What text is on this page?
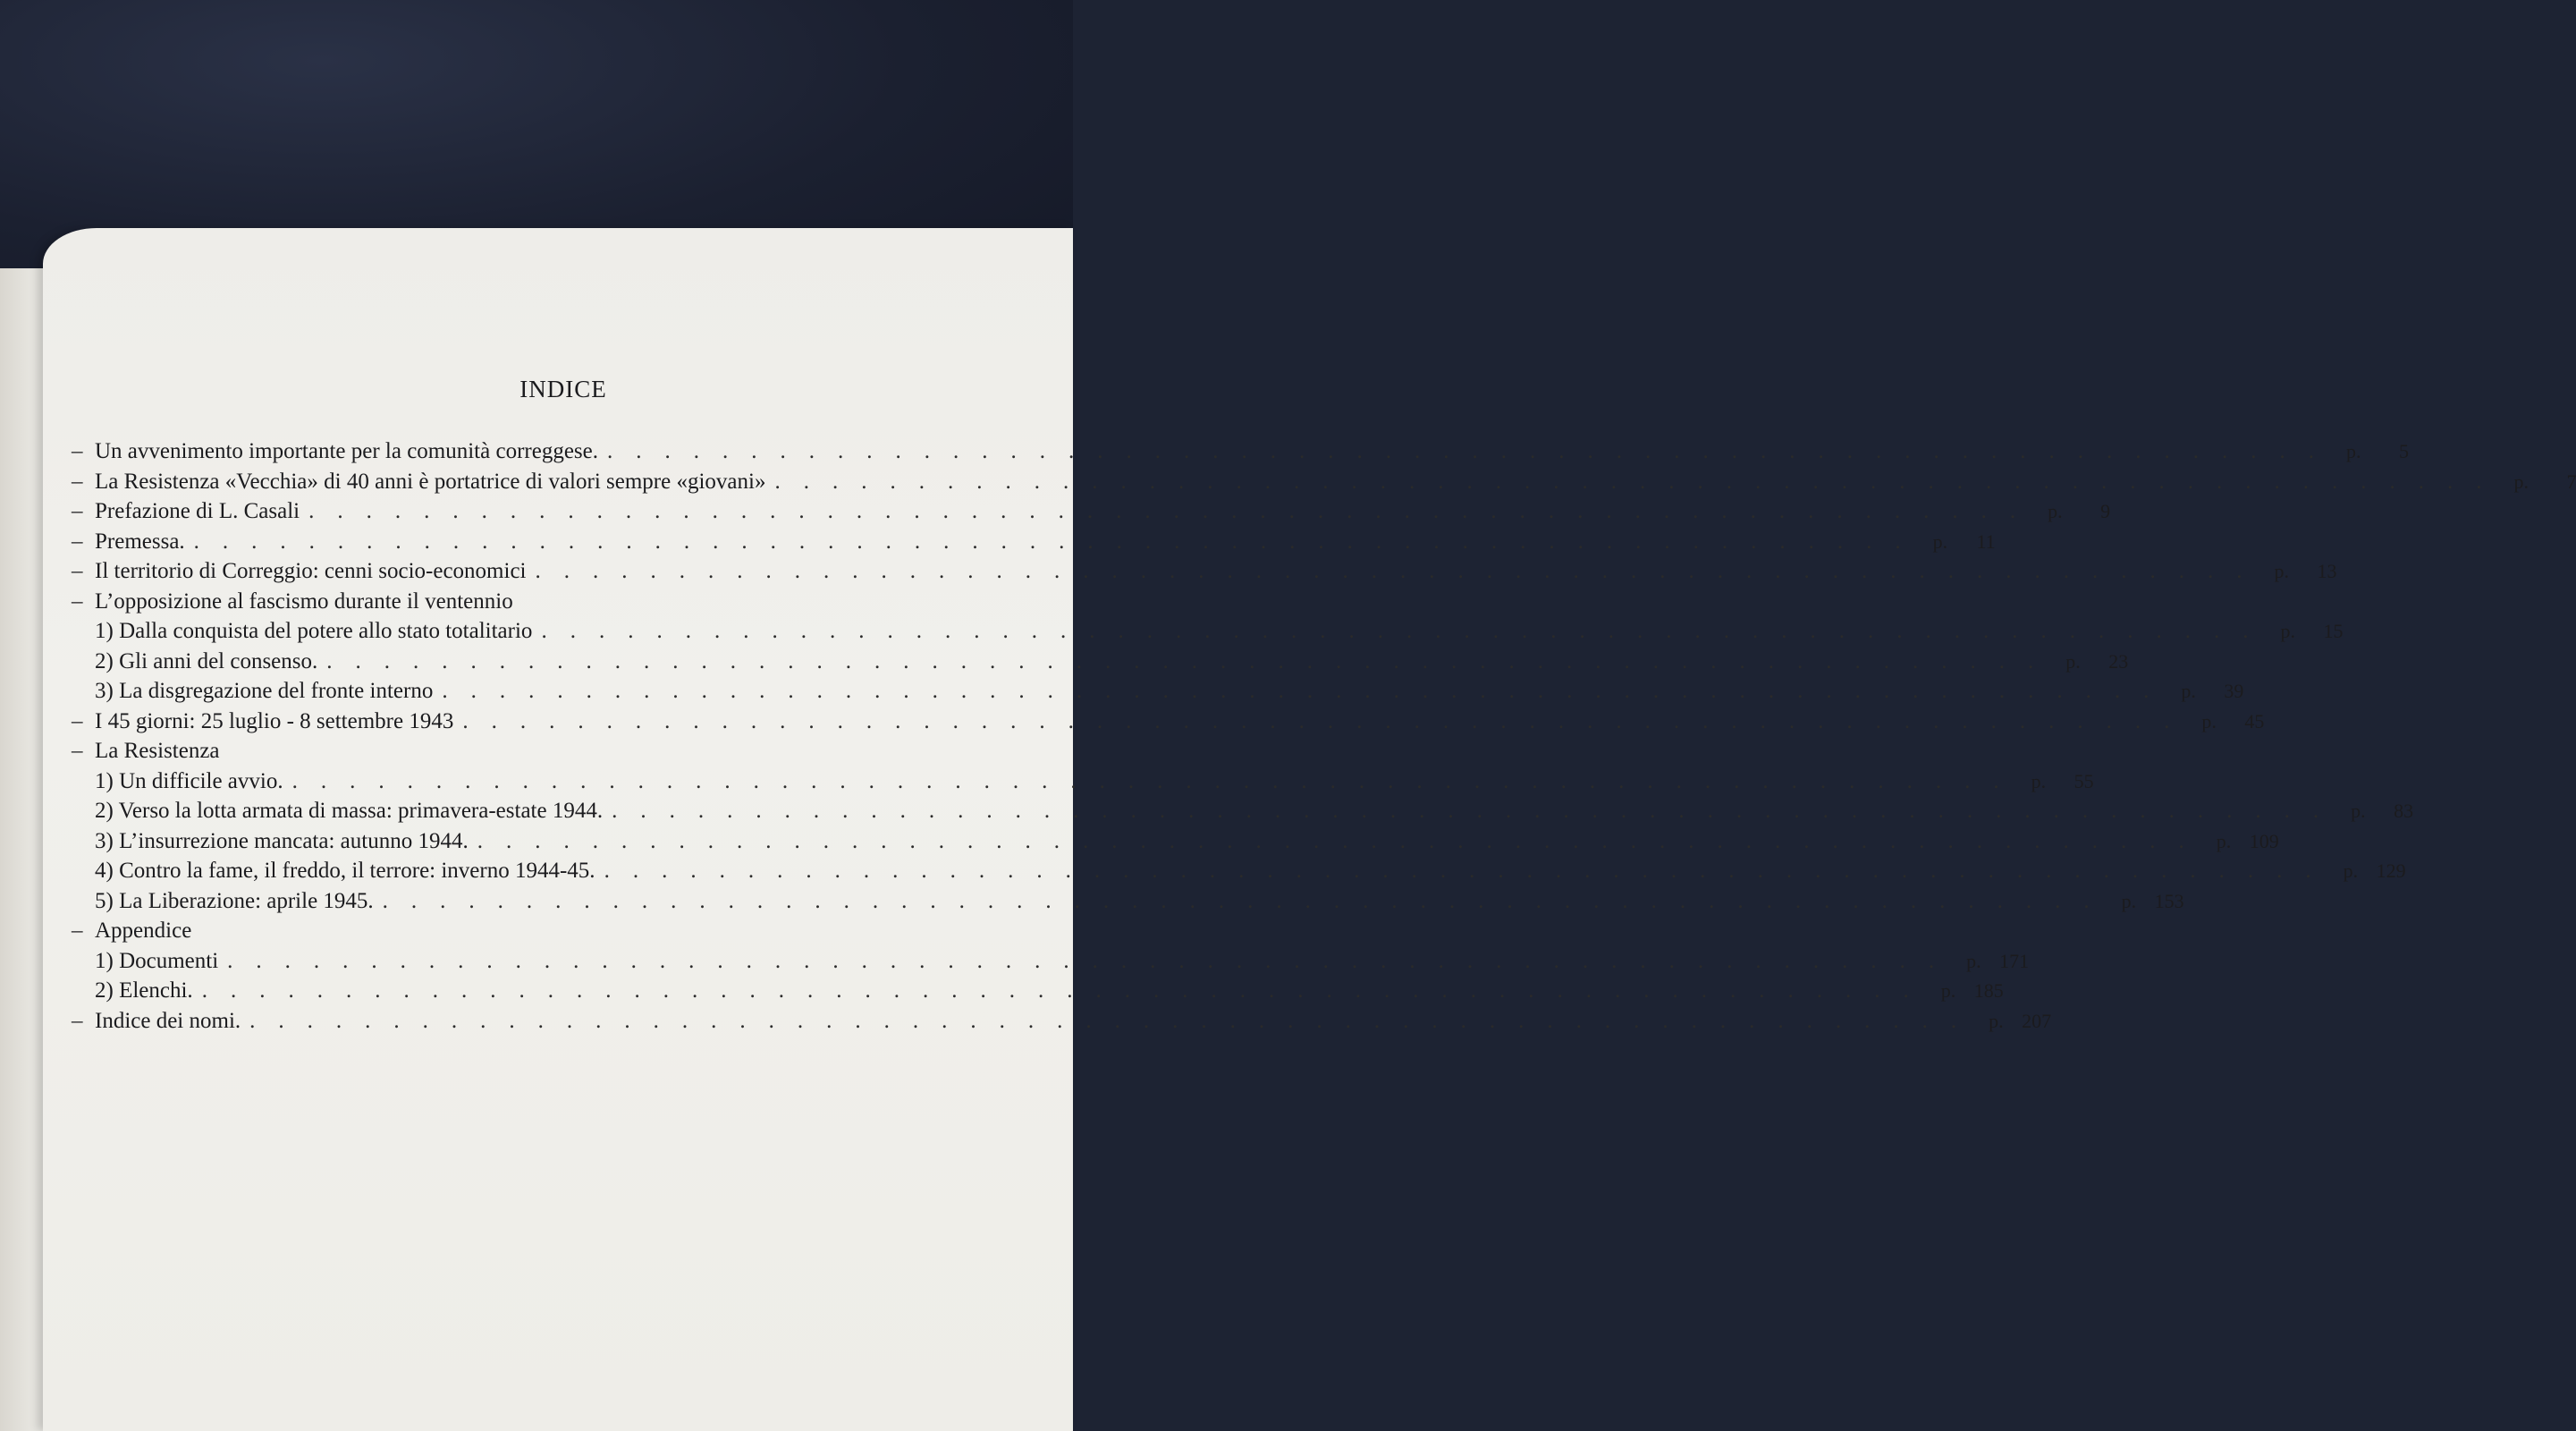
INDICE
– Un avvenimento importante per la comunità correggese. ............................................................ p. 5
– La Resistenza «Vecchia» di 40 anni è portatrice di valori sempre «giovani» ............................................................ p. 7
– Prefazione di L. Casali ............................................................ p. 9
– Premessa. ............................................................ p. 11
– Il territorio di Correggio: cenni socio-economici ............................................................ p. 13
– L’opposizione al fascismo durante il ventennio
1) Dalla conquista del potere allo stato totalitario ............................................................ p. 15
2) Gli anni del consenso. ............................................................ p. 23
3) La disgregazione del fronte interno ............................................................ p. 39
– I 45 giorni: 25 luglio - 8 settembre 1943 ............................................................ p. 45
– La Resistenza
1) Un difficile avvio. ............................................................ p. 55
2) Verso la lotta armata di massa: primavera-estate 1944. ............................................................ p. 83
3) L’insurrezione mancata: autunno 1944. ............................................................ p. 109
4) Contro la fame, il freddo, il terrore: inverno 1944-45. ............................................................ p. 129
5) La Liberazione: aprile 1945. ............................................................ p. 153
– Appendice
1) Documenti ............................................................ p. 171
2) Elenchi. ............................................................ p. 185
– Indice dei nomi. ............................................................ p. 207
